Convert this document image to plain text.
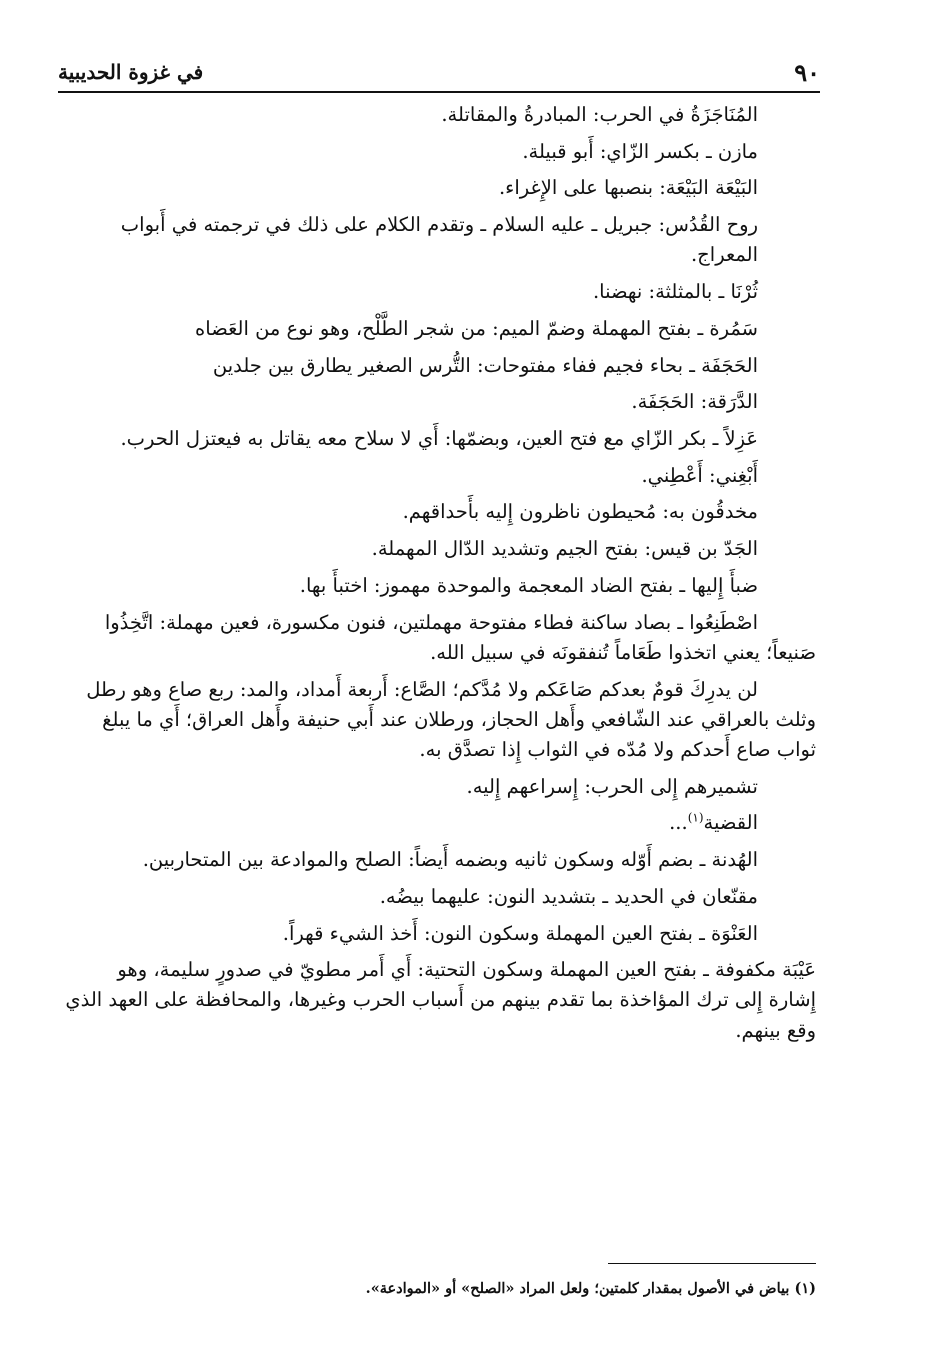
٩٠
في غزوة الحديبية

المُنَاجَزَةُ في الحرب: المبادرةُ والمقاتلة.

مازن ـ بكسر الزّاي: أَبو قبيلة.

البَيْعَة البَيْعَة: بنصبها على الإِغراء.

روح القُدُس: جبريل ـ عليه السلام ـ وتقدم الكلام على ذلك في ترجمته في أَبواب المعراج.

ثُرْنَا ـ بالمثلثة: نهضنا.

سَمُرة ـ بفتح المهملة وضمّ الميم: من شجر الطَّلْح، وهو نوع من العَضاه

الحَجَفَة ـ بحاء فجيم ففاء مفتوحات: التُّرس الصغير يطارق بين جلدين

الدَّرَقة: الحَجَفَة.

عَزِلاً ـ بكر الزّاي مع فتح العين، وبضمّها: أَي لا سلاح معه يقاتل به فيعتزل الحرب.

أَبْغِني: أَعْطِني.

مخدقُون به: مُحيطون ناظرون إِليه بأَحداقهم.

الجَدّ بن قيس: بفتح الجيم وتشديد الدّال المهملة.

ضبأَ إِليها ـ بفتح الضاد المعجمة والموحدة مهموز: اختبأَ بها.

اصْطَنِعُوا ـ بصاد ساكنة فطاء مفتوحة مهملتين، فنون مكسورة، فعين مهملة: اتَّخِذُوا صَنيعاً؛ يعني اتخذوا طَعَاماً تُنفقونَه في سبيل الله.

لن يدرِكَ قومٌ بعدكم صَاعَكم ولا مُدَّكم؛ الصَّاع: أَربعة أَمداد، والمد: ربع صاع وهو رطل وثلث بالعراقي عند الشّافعي وأَهل الحجاز، ورطلان عند أَبي حنيفة وأَهل العراق؛ أَي ما يبلغ ثواب صاع أَحدكم ولا مُدّه في الثواب إِذا تصدَّق به.

تشميرهم إِلى الحرب: إِسراعهم إِليه.

القضية$^{(١)}$...

الهُدنة ـ بضم أَوّله وسكون ثانيه وبضمه أَيضاً: الصلح والموادعة بين المتحاربين.

مقنّعان في الحديد ـ بتشديد النون: عليهما بيضُه.

العَنْوَة ـ بفتح العين المهملة وسكون النون: أَخذ الشيء قهراً.

عَيْبَة مكفوفة ـ بفتح العين المهملة وسكون التحتية: أَي أَمر مطويّ في صدورٍ سليمة، وهو إِشارة إِلى ترك المؤاخذة بما تقدم بينهم من أَسباب الحرب وغيرها، والمحافظة على العهد الذي وقع بينهم.

(١) بياض في الأصول بمقدار كلمتين؛ ولعل المراد «الصلح» أو «الموادعة».
